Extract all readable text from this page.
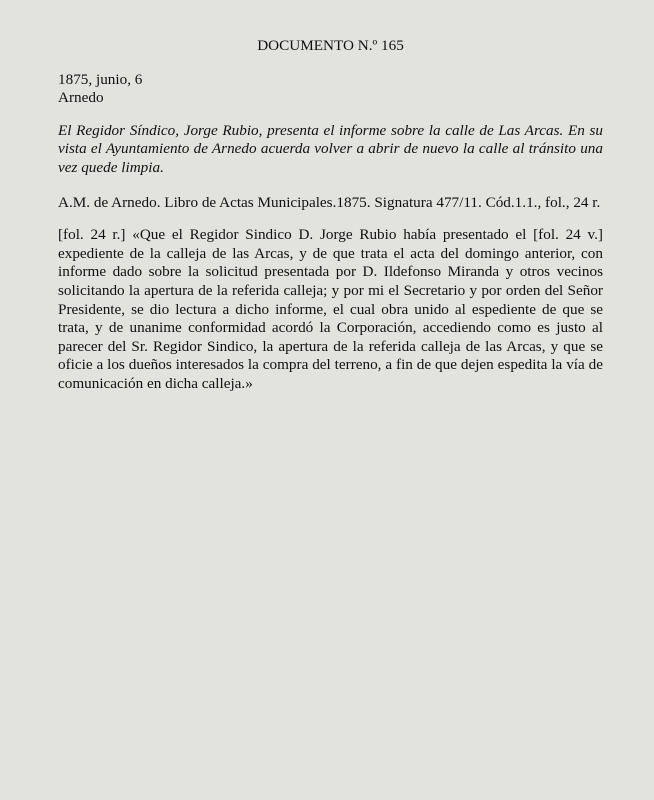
DOCUMENTO N.º 165
1875, junio, 6
Arnedo

El Regidor Síndico, Jorge Rubio, presenta el informe sobre la calle de Las Arcas. En su vista el Ayuntamiento de Arnedo acuerda volver a abrir de nuevo la calle al tránsito una vez quede limpia.

A.M. de Arnedo. Libro de Actas Municipales.1875. Signatura 477/11. Cód.1.1., fol., 24 r.

[fol. 24 r.] «Que el Regidor Sindico D. Jorge Rubio había presentado el [fol. 24 v.] expediente de la calleja de las Arcas, y de que trata el acta del domingo anterior, con informe dado sobre la solicitud presentada por D. Ildefonso Miranda y otros vecinos solicitando la apertura de la referida calleja; y por mi el Secretario y por orden del Señor Presidente, se dio lectura a dicho informe, el cual obra unido al espediente de que se trata, y de unanime conformidad acordó la Corporación, accediendo como es justo al parecer del Sr. Regidor Sindico, la apertura de la referida calleja de las Arcas, y que se oficie a los dueños interesados la compra del terreno, a fin de que dejen espedita la vía de comunicación en dicha calleja.»
